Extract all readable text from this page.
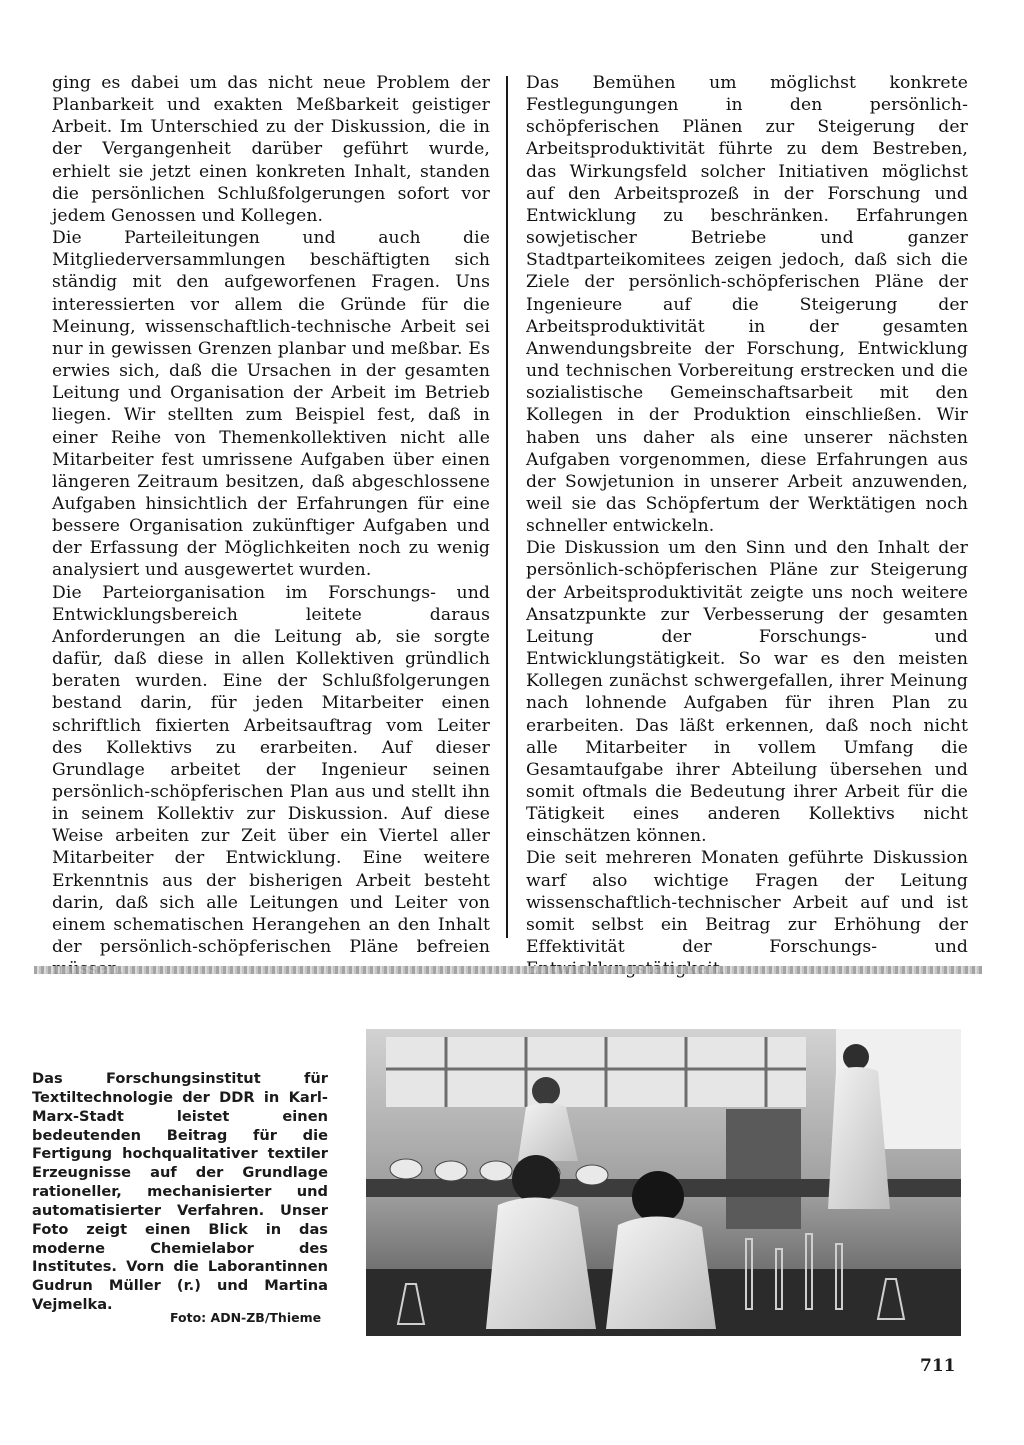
ging es dabei um das nicht neue Problem der Planbarkeit und exakten Meßbarkeit geistiger Arbeit. Im Unterschied zu der Diskussion, die in der Vergangenheit darüber geführt wurde, erhielt sie jetzt einen konkreten Inhalt, standen die persönlichen Schlußfolgerungen sofort vor jedem Genossen und Kollegen.

Die Parteileitungen und auch die Mitgliederversammlungen beschäftigten sich ständig mit den aufgeworfenen Fragen. Uns interessierten vor allem die Gründe für die Meinung, wissenschaftlich-technische Arbeit sei nur in gewissen Grenzen planbar und meßbar. Es erwies sich, daß die Ursachen in der gesamten Leitung und Organisation der Arbeit im Betrieb liegen. Wir stellten zum Beispiel fest, daß in einer Reihe von Themenkollektiven nicht alle Mitarbeiter fest umrissene Aufgaben über einen längeren Zeitraum besitzen, daß abgeschlossene Aufgaben hinsichtlich der Erfahrungen für eine bessere Organisation zukünftiger Aufgaben und der Erfassung der Möglichkeiten noch zu wenig analysiert und ausgewertet wurden.

Die Parteiorganisation im Forschungs- und Entwicklungsbereich leitete daraus Anforderungen an die Leitung ab, sie sorgte dafür, daß diese in allen Kollektiven gründlich beraten wurden. Eine der Schlußfolgerungen bestand darin, für jeden Mitarbeiter einen schriftlich fixierten Arbeitsauftrag vom Leiter des Kollektivs zu erarbeiten. Auf dieser Grundlage arbeitet der Ingenieur seinen persönlich-schöpferischen Plan aus und stellt ihn in seinem Kollektiv zur Diskussion. Auf diese Weise arbeiten zur Zeit über ein Viertel aller Mitarbeiter der Entwicklung. Eine weitere Erkenntnis aus der bisherigen Arbeit besteht darin, daß sich alle Leitungen und Leiter von einem schematischen Herangehen an den Inhalt der persönlich-schöpferischen Pläne befreien

Das Bemühen um möglichst konkrete Festlegungungen in den persönlich-schöpferischen Plänen zur Steigerung der Arbeitsproduktivität führte zu dem Bestreben, das Wirkungsfeld solcher Initiativen möglichst auf den Arbeitsprozeß in der Forschung und Entwicklung zu beschränken. Erfahrungen sowjetischer Betriebe und ganzer Stadtparteikomitees zeigen jedoch, daß sich die Ziele der persönlich-schöpferischen Pläne der Ingenieure auf die Steigerung der Arbeitsproduktivität in der gesamten Anwendungsbreite der Forschung, Entwicklung und technischen Vorbereitung erstrecken und die sozialistische Gemeinschaftsarbeit mit den Kollegen in der Produktion einschließen. Wir haben uns daher als eine unserer nächsten Aufgaben vorgenommen, diese Erfahrungen aus der Sowjetunion in unserer Arbeit anzuwenden, weil sie das Schöpfertum der Werktätigen noch schneller entwickeln.

Die Diskussion um den Sinn und den Inhalt der persönlich-schöpferischen Pläne zur Steigerung der Arbeitsproduktivität zeigte uns noch weitere Ansatzpunkte zur Verbesserung der gesamten Leitung der Forschungs- und Entwicklungstätigkeit. So war es den meisten Kollegen zunächst schwergefallen, ihrer Meinung nach lohnende Aufgaben für ihren Plan zu erarbeiten. Das läßt erkennen, daß noch nicht alle Mitarbeiter in vollem Umfang die Gesamtaufgabe ihrer Abteilung übersehen und somit oftmals die Bedeutung ihrer Arbeit für die Tätigkeit eines anderen Kollektivs nicht einschätzen können.

Die seit mehreren Monaten geführte Diskussion warf also wichtige Fragen der Leitung wissenschaftlich-technischer Arbeit auf und ist somit selbst ein Beitrag zur Erhöhung der Effektivität der Forschungs- und

Das Forschungsinstitut für Textiltechnologie der DDR in Karl-Marx-Stadt leistet einen bedeutenden Beitrag für die Fertigung hochqualitativer textiler Erzeugnisse auf der Grundlage rationeller, mechanisierter und automatisierter Verfahren. Unser Foto zeigt einen Blick in das moderne Chemielabor des Institutes. Vorn die Laborantinnen Gudrun Müller (r.) und Martina Vejmelka.
Foto: ADN-ZB/Thieme
711
